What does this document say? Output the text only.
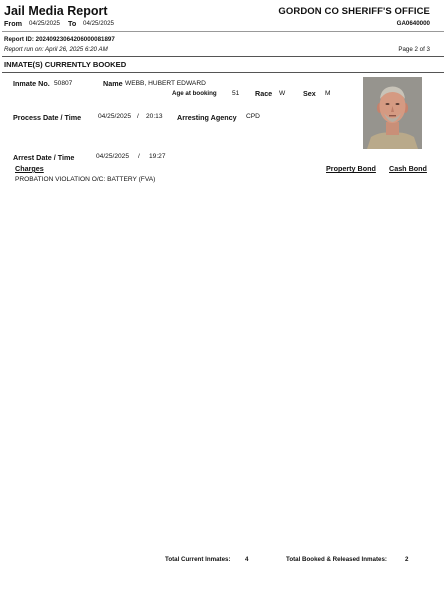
Jail Media Report	GORDON CO SHERIFF'S OFFICE
From 04/25/2025 To 04/25/2025	GA0640000
Report ID: 20240923064206000081897
Report run on: April 26, 2025 6:20 AM	Page 2 of 3
INMATE(S) CURRENTLY BOOKED
Inmate No. 50807	Name WEBB, HUBERT EDWARD
Age at booking 51 Race W Sex M
Process Date / Time	04/25/2025 / 20:13 Arresting Agency CPD
Arrest Date / Time	04/25/2025 / 19:27
Charges	Property Bond Cash Bond
PROBATION VIOLATION O/C: BATTERY (FVA)
Total Current Inmates: 4	Total Booked & Released Inmates:	2
